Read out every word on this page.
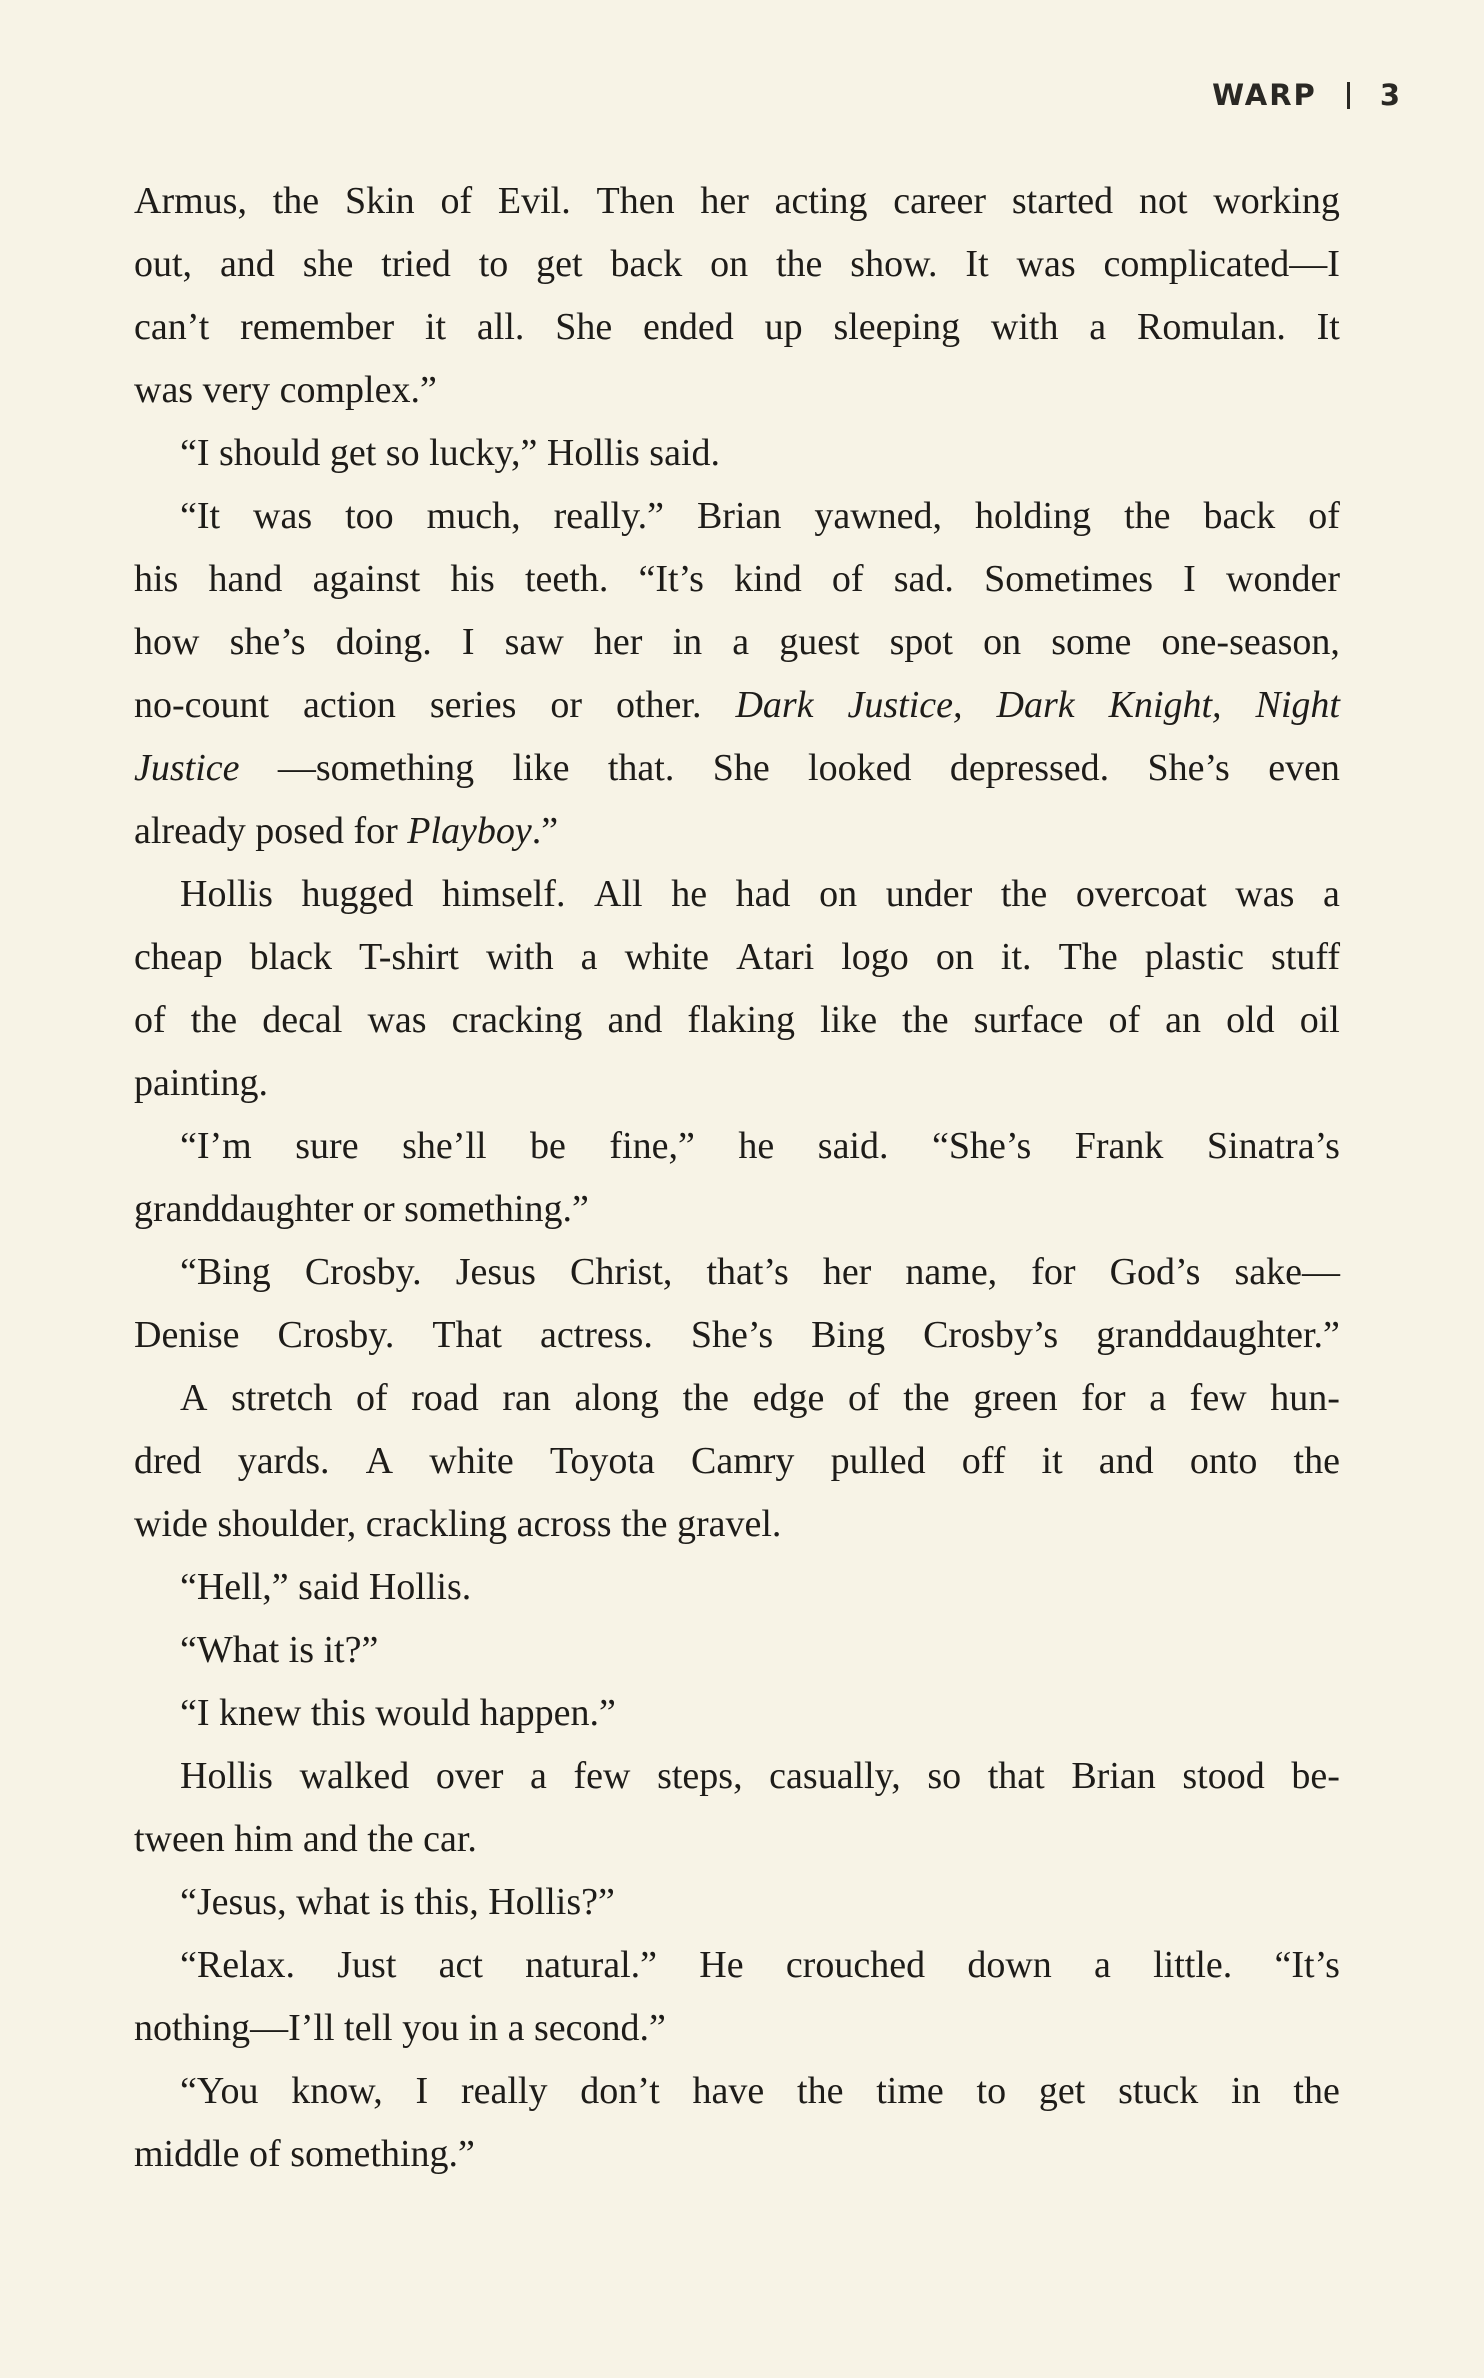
WARP 3
Armus, the Skin of Evil. Then her acting career started not working
out, and she tried to get back on the show. It was complicated—I
can’t remember it all. She ended up sleeping with a Romulan. It
was very complex.”
“I should get so lucky,” Hollis said.
“It was too much, really.” Brian yawned, holding the back of
his hand against his teeth. “It’s kind of sad. Sometimes I wonder
how she’s doing. I saw her in a guest spot on some one-season,
no-count action series or other. Dark Justice, Dark Knight, Night
Justice —something like that. She looked depressed. She’s even
already posed for Playboy.”
Hollis hugged himself. All he had on under the overcoat was a
cheap black T-shirt with a white Atari logo on it. The plastic stuff
of the decal was cracking and flaking like the surface of an old oil
painting.
“I’m sure she’ll be fine,” he said. “She’s Frank Sinatra’s
granddaughter or something.”
“Bing Crosby. Jesus Christ, that’s her name, for God’s sake—
Denise Crosby. That actress. She’s Bing Crosby’s granddaughter.”
A stretch of road ran along the edge of the green for a few hun-
dred yards. A white Toyota Camry pulled off it and onto the
wide shoulder, crackling across the gravel.
“Hell,” said Hollis.
“What is it?”
“I knew this would happen.”
Hollis walked over a few steps, casually, so that Brian stood be-
tween him and the car.
“Jesus, what is this, Hollis?”
“Relax. Just act natural.” He crouched down a little. “It’s
nothing—I’ll tell you in a second.”
“You know, I really don’t have the time to get stuck in the
middle of something.”
